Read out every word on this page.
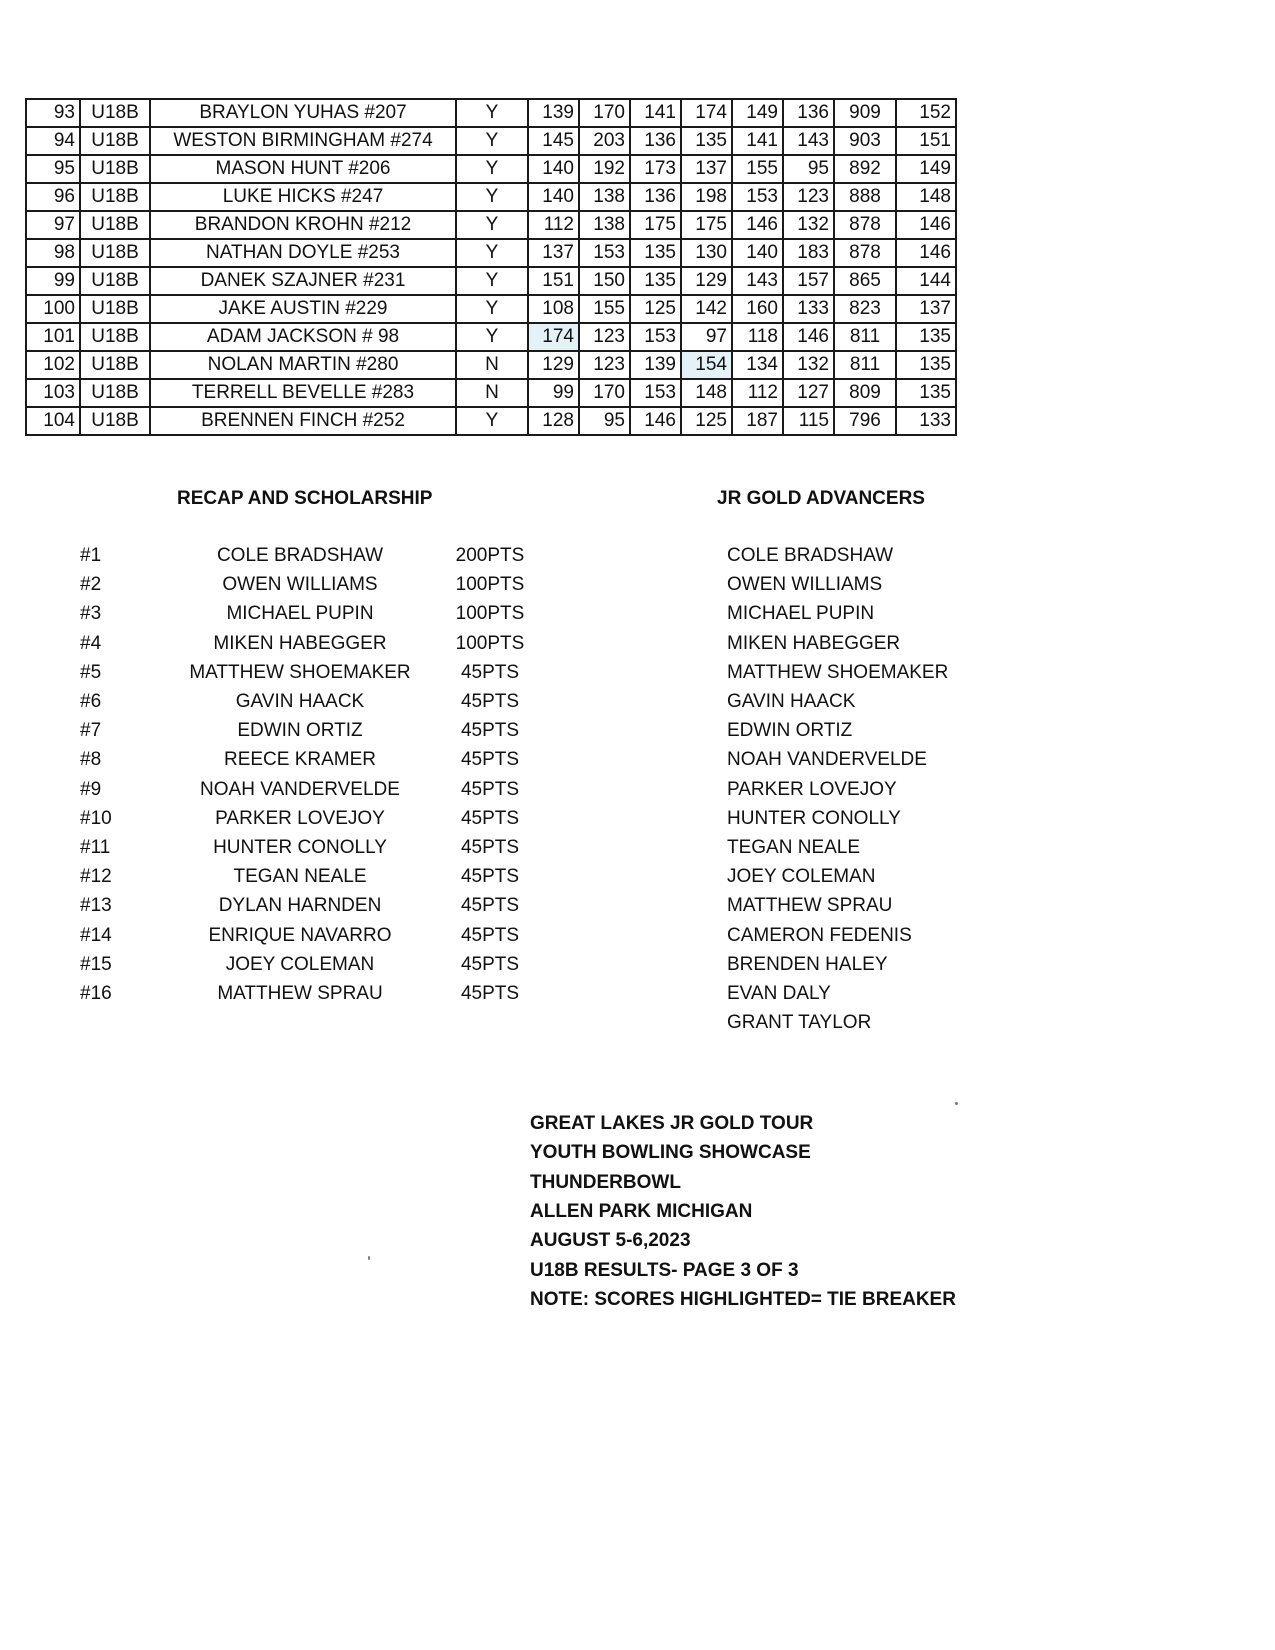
93	U18B	BRAYLON YUHAS #207	Y	139	170	141	174	149	136	909	152
94	U18B	WESTON BIRMINGHAM #274	Y	145	203	136	135	141	143	903	151
95	U18B	MASON HUNT #206	Y	140	192	173	137	155	95	892	149
96	U18B	LUKE HICKS #247	Y	140	138	136	198	153	123	888	148
97	U18B	BRANDON KROHN #212	Y	112	138	175	175	146	132	878	146
98	U18B	NATHAN DOYLE #253	Y	137	153	135	130	140	183	878	146
99	U18B	DANEK SZAJNER #231	Y	151	150	135	129	143	157	865	144
100	U18B	JAKE AUSTIN #229	Y	108	155	125	142	160	133	823	137
101	U18B	ADAM JACKSON # 98	Y	174	123	153	97	118	146	811	135
102	U18B	NOLAN MARTIN #280	N	129	123	139	154	134	132	811	135
103	U18B	TERRELL BEVELLE #283	N	99	170	153	148	112	127	809	135
104	U18B	BRENNEN FINCH #252	Y	128	95	146	125	187	115	796	133
RECAP AND SCHOLARSHIP	JR GOLD ADVANCERS
#1	COLE BRADSHAW	200PTS
#2	OWEN WILLIAMS	100PTS
#3	MICHAEL PUPIN	100PTS
#4	MIKEN HABEGGER	100PTS
#5	MATTHEW SHOEMAKER	45PTS
#6	GAVIN HAACK	45PTS
#7	EDWIN ORTIZ	45PTS
#8	REECE KRAMER	45PTS
#9	NOAH VANDERVELDE	45PTS
#10	PARKER LOVEJOY	45PTS
#11	HUNTER CONOLLY	45PTS
#12	TEGAN NEALE	45PTS
#13	DYLAN HARNDEN	45PTS
#14	ENRIQUE NAVARRO	45PTS
#15	JOEY COLEMAN	45PTS
#16	MATTHEW SPRAU	45PTS
COLE BRADSHAW
OWEN WILLIAMS
MICHAEL PUPIN
MIKEN HABEGGER
MATTHEW SHOEMAKER
GAVIN HAACK
EDWIN ORTIZ
NOAH VANDERVELDE
PARKER LOVEJOY
HUNTER CONOLLY
TEGAN NEALE
JOEY COLEMAN
MATTHEW SPRAU
CAMERON FEDENIS
BRENDEN HALEY
EVAN DALY
GRANT TAYLOR
GREAT LAKES JR GOLD TOUR
YOUTH BOWLING SHOWCASE
THUNDERBOWL
ALLEN PARK MICHIGAN
AUGUST 5-6,2023
U18B RESULTS- PAGE 3 OF 3
NOTE: SCORES HIGHLIGHTED= TIE BREAKER
